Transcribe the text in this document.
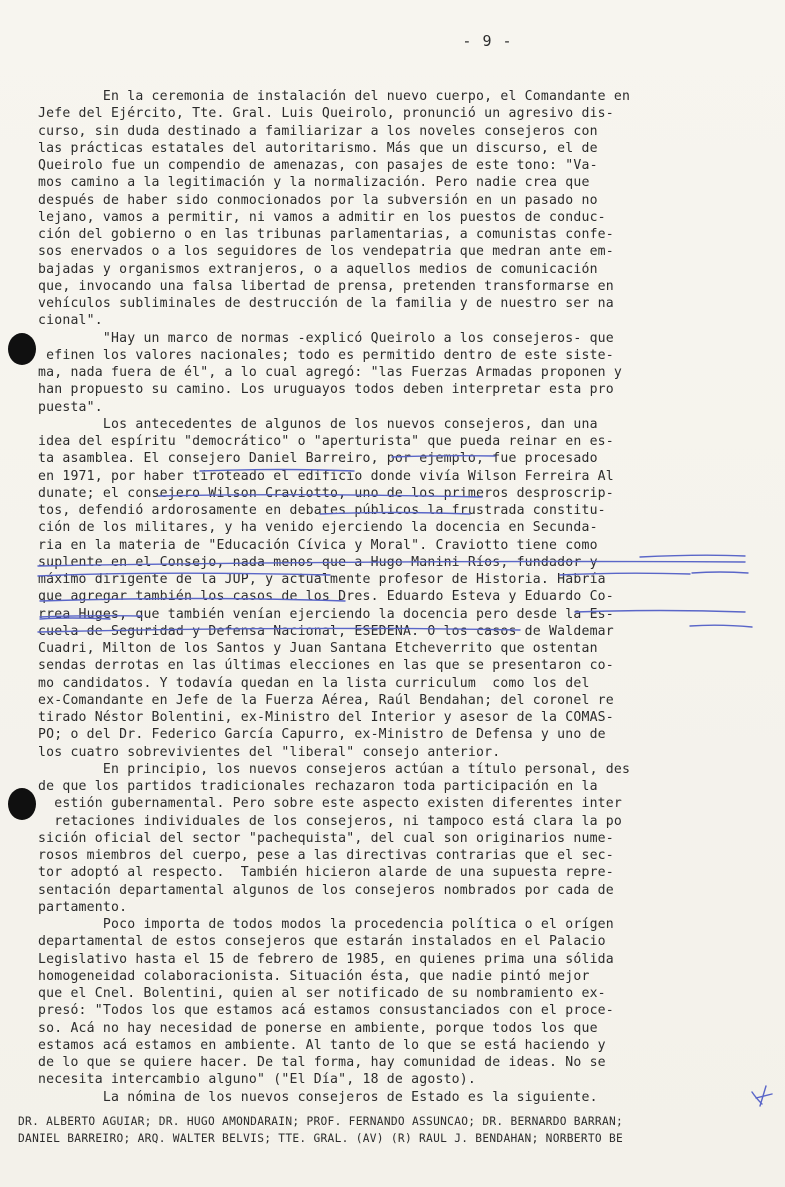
- 9 -
En la ceremonia de instalación del nuevo cuerpo, el Comandante en
Jefe del Ejército, Tte. Gral. Luis Queirolo, pronunció un agresivo dis-
curso, sin duda destinado a familiarizar a los noveles consejeros con
las prácticas estatales del autoritarismo. Más que un discurso, el de
Queirolo fue un compendio de amenazas, con pasajes de este tono: "Va-
mos camino a la legitimación y la normalización. Pero nadie crea que
después de haber sido conmocionados por la subversión en un pasado no
lejano, vamos a permitir, ni vamos a admitir en los puestos de conduc-
ción del gobierno o en las tribunas parlamentarias, a comunistas confe-
sos enervados o a los seguidores de los vendepatria que medran ante em-
bajadas y organismos extranjeros, o a aquellos medios de comunicación
que, invocando una falsa libertad de prensa, pretenden transformarse en
vehículos subliminales de destrucción de la familia y de nuestro ser na
cional".
"Hay un marco de normas -explicó Queirolo a los consejeros- que
efinen los valores nacionales; todo es permitido dentro de este siste-
ma, nada fuera de él", a lo cual agregó: "las Fuerzas Armadas proponen y
han propuesto su camino. Los uruguayos todos deben interpretar esta pro
puesta".
Los antecedentes de algunos de los nuevos consejeros, dan una
idea del espíritu "democrático" o "aperturista" que pueda reinar en es-
ta asamblea. El consejero Daniel Barreiro, por ejemplo, fue procesado
en 1971, por haber tiroteado el edificio donde vivía Wilson Ferreira Al
dunate; el consejero Wilson Craviotto, uno de los primeros desproscrip-
tos, defendió ardorosamente en debates públicos la frustrada constitu-
ción de los militares, y ha venido ejerciendo la docencia en Secunda-
ria en la materia de "Educación Cívica y Moral". Craviotto tiene como
suplente en el Consejo, nada menos que a Hugo Manini Ríos, fundador y
máximo dirigente de la JUP, y actualmente profesor de Historia. Habría
que agregar también los casos de los Dres. Eduardo Esteva y Eduardo Co-
rrea Huges, que también venían ejerciendo la docencia pero desde la Es-
cuela de Seguridad y Defensa Nacional, ESEDENA. O los casos de Waldemar
Cuadri, Milton de los Santos y Juan Santana Etcheverrito que ostentan
sendas derrotas en las últimas elecciones en las que se presentaron co-
mo candidatos. Y todavía quedan en la lista curriculum  como los del
ex-Comandante en Jefe de la Fuerza Aérea, Raúl Bendahan; del coronel re
tirado Néstor Bolentini, ex-Ministro del Interior y asesor de la COMAS-
PO; o del Dr. Federico García Capurro, ex-Ministro de Defensa y uno de
los cuatro sobrevivientes del "liberal" consejo anterior.
En principio, los nuevos consejeros actúan a título personal, des
de que los partidos tradicionales rechazaron toda participación en la
estión gubernamental. Pero sobre este aspecto existen diferentes inter
retaciones individuales de los consejeros, ni tampoco está clara la po
sición oficial del sector "pachequista", del cual son originarios nume-
rosos miembros del cuerpo, pese a las directivas contrarias que el sec-
tor adoptó al respecto.  También hicieron alarde de una supuesta repre-
sentación departamental algunos de los consejeros nombrados por cada de
partamento.
Poco importa de todos modos la procedencia política o el orígen
departamental de estos consejeros que estarán instalados en el Palacio
Legislativo hasta el 15 de febrero de 1985, en quienes prima una sólida
homogeneidad colaboracionista. Situación ésta, que nadie pintó mejor
que el Cnel. Bolentini, quien al ser notificado de su nombramiento ex-
presó: "Todos los que estamos acá estamos consustanciados con el proce-
so. Acá no hay necesidad de ponerse en ambiente, porque todos los que
estamos acá estamos en ambiente. Al tanto de lo que se está haciendo y
de lo que se quiere hacer. De tal forma, hay comunidad de ideas. No se
necesita intercambio alguno" ("El Día", 18 de agosto).
La nómina de los nuevos consejeros de Estado es la siguiente.
DR. ALBERTO AGUIAR; DR. HUGO AMONDARAIN; PROF. FERNANDO ASSUNCAO; DR. BERNARDO BARRAN;
DANIEL BARREIRO; ARQ. WALTER BELVIS; TTE. GRAL. (AV) (R) RAUL J. BENDAHAN; NORBERTO BE
